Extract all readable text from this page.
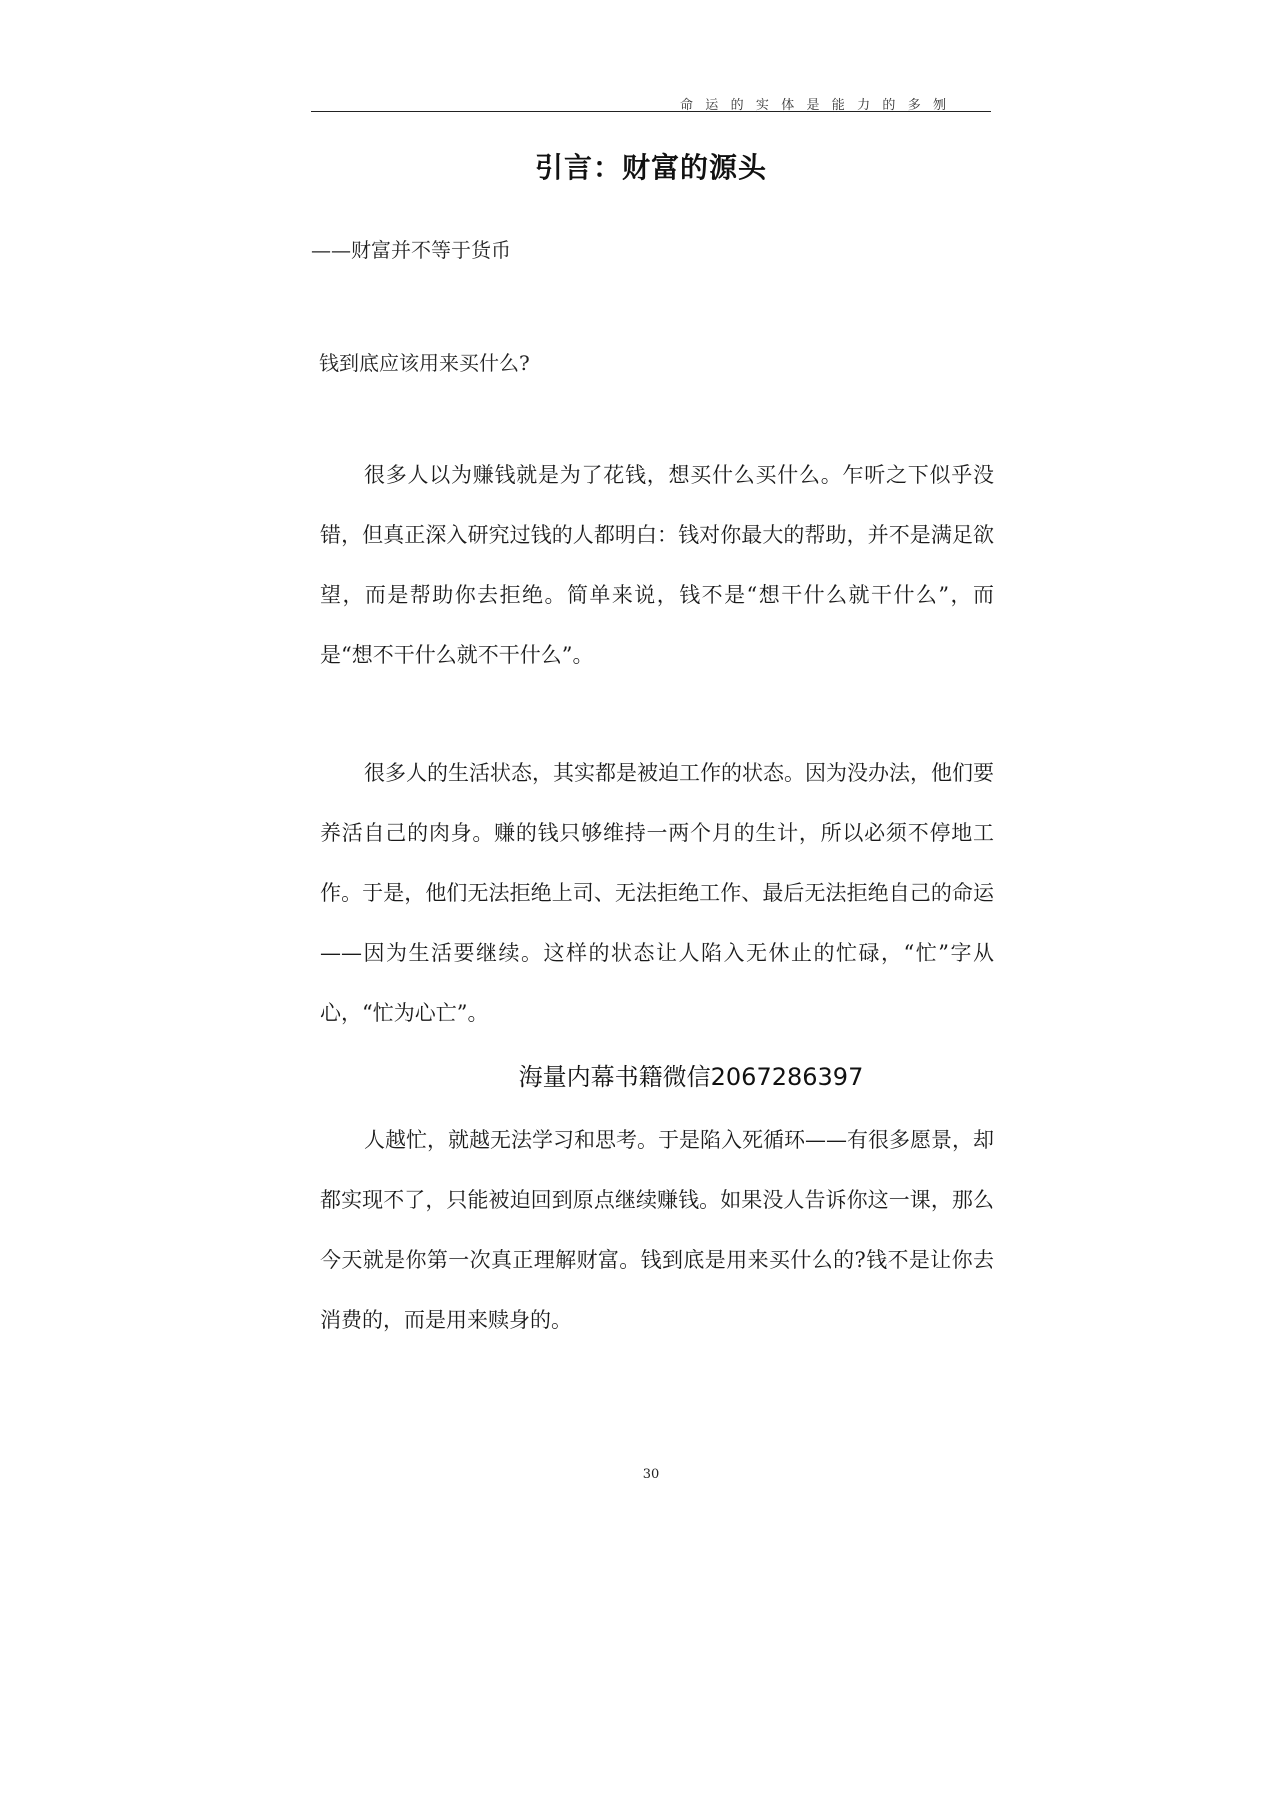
命运的实体是能力的多刎
引言：财富的源头
——财富并不等于货币
钱到底应该用来买什么?

很多人以为赚钱就是为了花钱，想买什么买什么。乍听之下似乎没错，但真正深入研究过钱的人都明白：钱对你最大的帮助，并不是满足欲望，而是帮助你去拒绝。简单来说，钱不是“想干什么就干什么”，而是“想不干什么就不干什么”。

很多人的生活状态，其实都是被迫工作的状态。因为没办法，他们要养活自己的肉身。赚的钱只够维持一两个月的生计，所以必须不停地工作。于是，他们无法拒绝上司、无法拒绝工作、最后无法拒绝自己的命运——因为生活要继续。这样的状态让人陷入无休止的忙碌，“忙”字从心，“忙为心亡”。

海量内幕书籍微信2067286397

人越忙，就越无法学习和思考。于是陷入死循环——有很多愿景，却都实现不了，只能被迫回到原点继续赚钱。如果没人告诉你这一课，那么今天就是你第一次真正理解财富。钱到底是用来买什么的?钱不是让你去消费的，而是用来赎身的。

30
